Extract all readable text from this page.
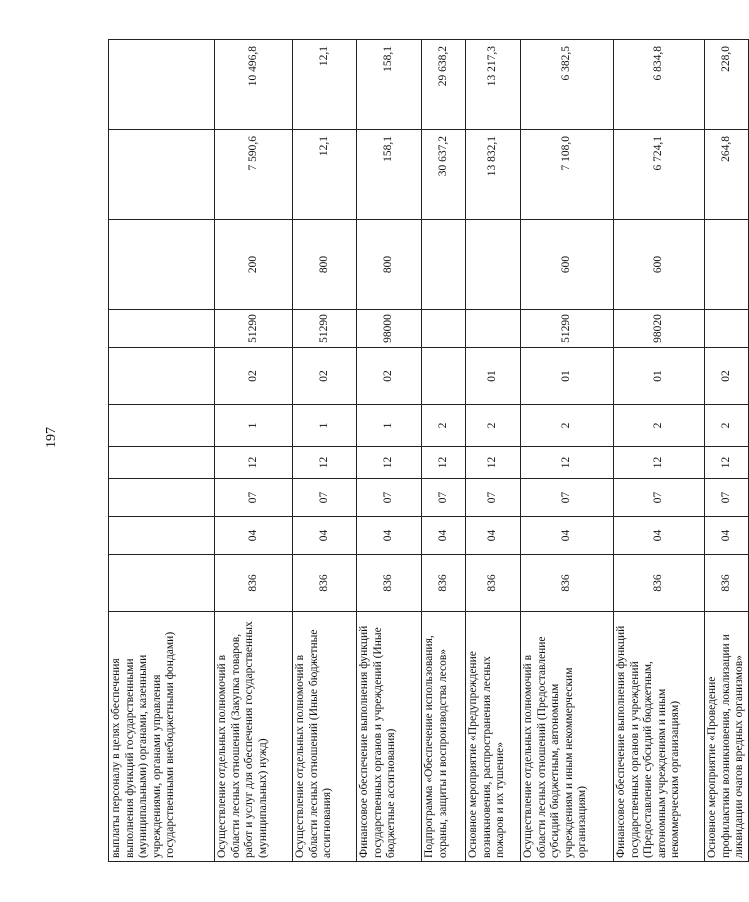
197
выплаты персоналу в целях обеспечения выполнения функций государственными (муниципальными) органами, казенными учреждениями, органами управления государственными внебюджетными фондами)											
Осуществление отдельных полномочий в области лесных отношений (Закупка товаров, работ и услуг для обеспечения государственных (муниципальных) нужд)	836	04	07	12	1	02	51290	200	7 590,6	10 496,8	
Осуществление отдельных полномочий в области лесных отношений (Иные бюджетные ассигнования)	836	04	07	12	1	02	51290	800	12,1	12,1	
Финансовое обеспечение выполнения функций государственных органов и учреждений (Иные бюджетные ассигнования)	836	04	07	12	1	02	98000	800	158,1	158,1	
Подпрограмма «Обеспечение использования, охраны, защиты и воспроизводства лесов»	836	04	07	12	2				30 637,2	29 638,2	
Основное мероприятие «Предупреждение возникновения, распространения лесных пожаров и их тушение»	836	04	07	12	2	01			13 832,1	13 217,3	
Осуществление отдельных полномочий в области лесных отношений (Предоставление субсидий бюджетным, автономным учреждениям и иным некоммерческим организациям)	836	04	07	12	2	01	51290	600	7 108,0	6 382,5	
Финансовое обеспечение выполнения функций государственных органов и учреждений (Предоставление субсидий бюджетным, автономным учреждениям и иным некоммерческим организациям)	836	04	07	12	2	01	98020	600	6 724,1	6 834,8	
Основное мероприятие «Проведение профилактики возникновения, локализации и ликвидации очагов вредных организмов»	836	04	07	12	2	02			264,8	228,0	
